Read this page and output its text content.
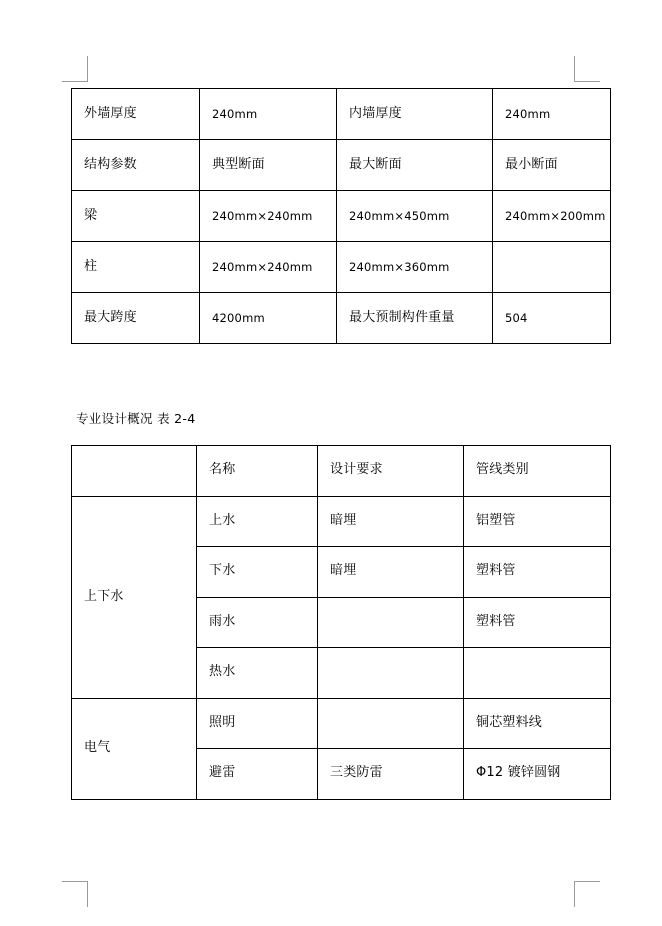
外墙厚度	240mm	内墙厚度	240mm
结构参数	典型断面	最大断面	最小断面
梁	240mm×240mm	240mm×450mm	240mm×200mm
柱	240mm×240mm	240mm×360mm	
最大跨度	4200mm	最大预制构件重量	504
专业设计概况 表 2-4
	名称	设计要求	管线类别
上下水	上水	暗埋	铝塑管
	下水	暗埋	塑料管
	雨水		塑料管
	热水		
电气	照明		铜芯塑料线
	避雷	三类防雷	Φ12 镀锌圆钢
